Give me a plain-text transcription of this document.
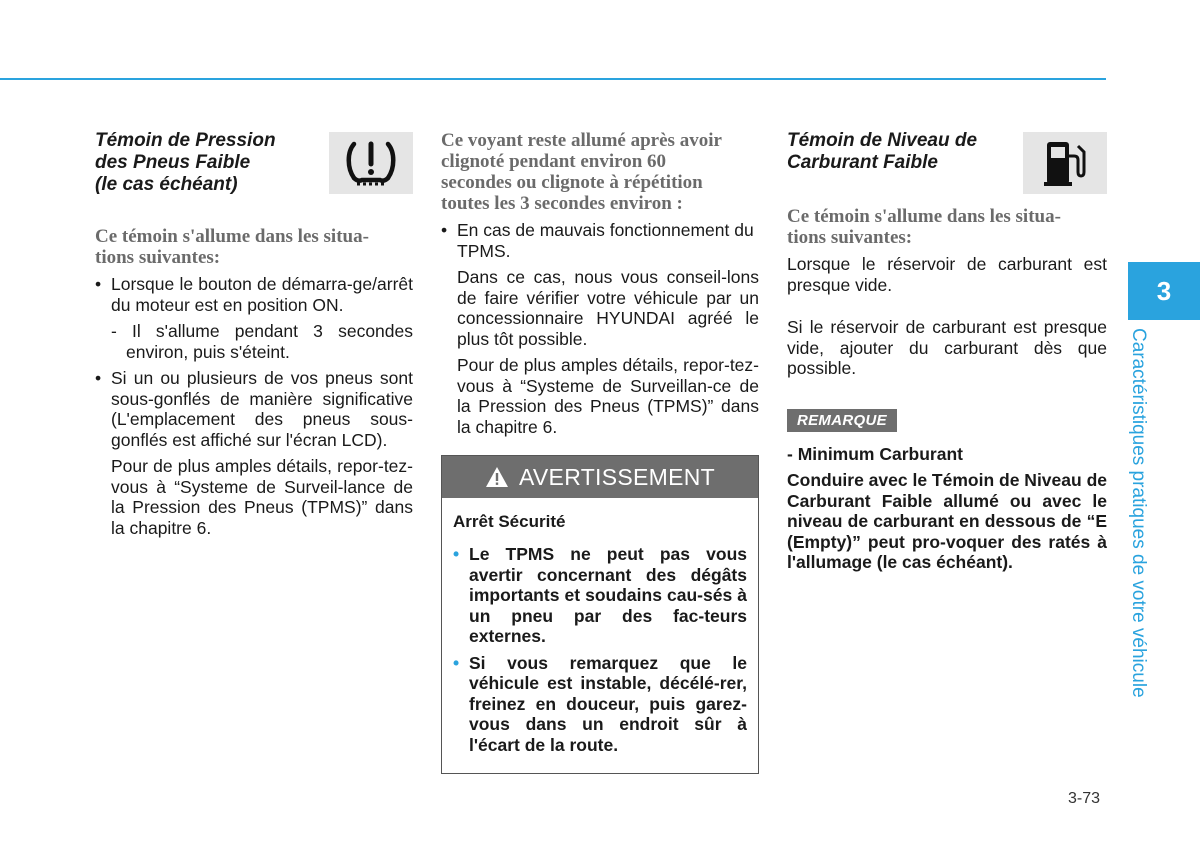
Témoin de Pression
des Pneus Faible
(le cas échéant)

Ce témoin s'allume dans les situa-
tions suivantes:

• Lorsque le bouton de démarra-ge/arrêt du moteur est en position ON.

- Il s'allume pendant 3 secondes environ, puis s'éteint.

• Si un ou plusieurs de vos pneus sont sous-gonflés de manière significative (L'emplacement des pneus sous-gonflés est affiché sur l'écran LCD).

Pour de plus amples détails, repor-tez-vous à “Systeme de Surveil-lance de la Pression des Pneus (TPMS)” dans la chapitre 6.

Ce voyant reste allumé après avoir
clignoté pendant environ 60
secondes ou clignote à répétition
toutes les 3 secondes environ :

• En cas de mauvais fonctionnement du TPMS.

Dans ce cas, nous vous conseil-lons de faire vérifier votre véhicule par un concessionnaire HYUNDAI agréé le plus tôt possible.

Pour de plus amples détails, repor-tez-vous à “Systeme de Surveillan-ce de la Pression des Pneus (TPMS)” dans la chapitre 6.

AVERTISSEMENT

Arrêt Sécurité

• Le TPMS ne peut pas vous avertir concernant des dégâts importants et soudains cau-sés à un pneu par des fac-teurs externes.
• Si vous remarquez que le véhicule est instable, décélé-rer, freinez en douceur, puis garez-vous dans un endroit sûr à l'écart de la route.
Témoin de Niveau de
Carburant Faible

Ce témoin s'allume dans les situa-
tions suivantes:

Lorsque le réservoir de carburant est presque vide.

Si le réservoir de carburant est presque vide, ajouter du carburant dès que possible.

REMARQUE

- Minimum Carburant

Conduire avec le Témoin de Niveau de Carburant Faible allumé ou avec le niveau de carburant en dessous de “E (Empty)” peut pro-voquer des ratés à l'allumage (le cas échéant).

3
Caractéristiques pratiques de votre véhicule
3-73
